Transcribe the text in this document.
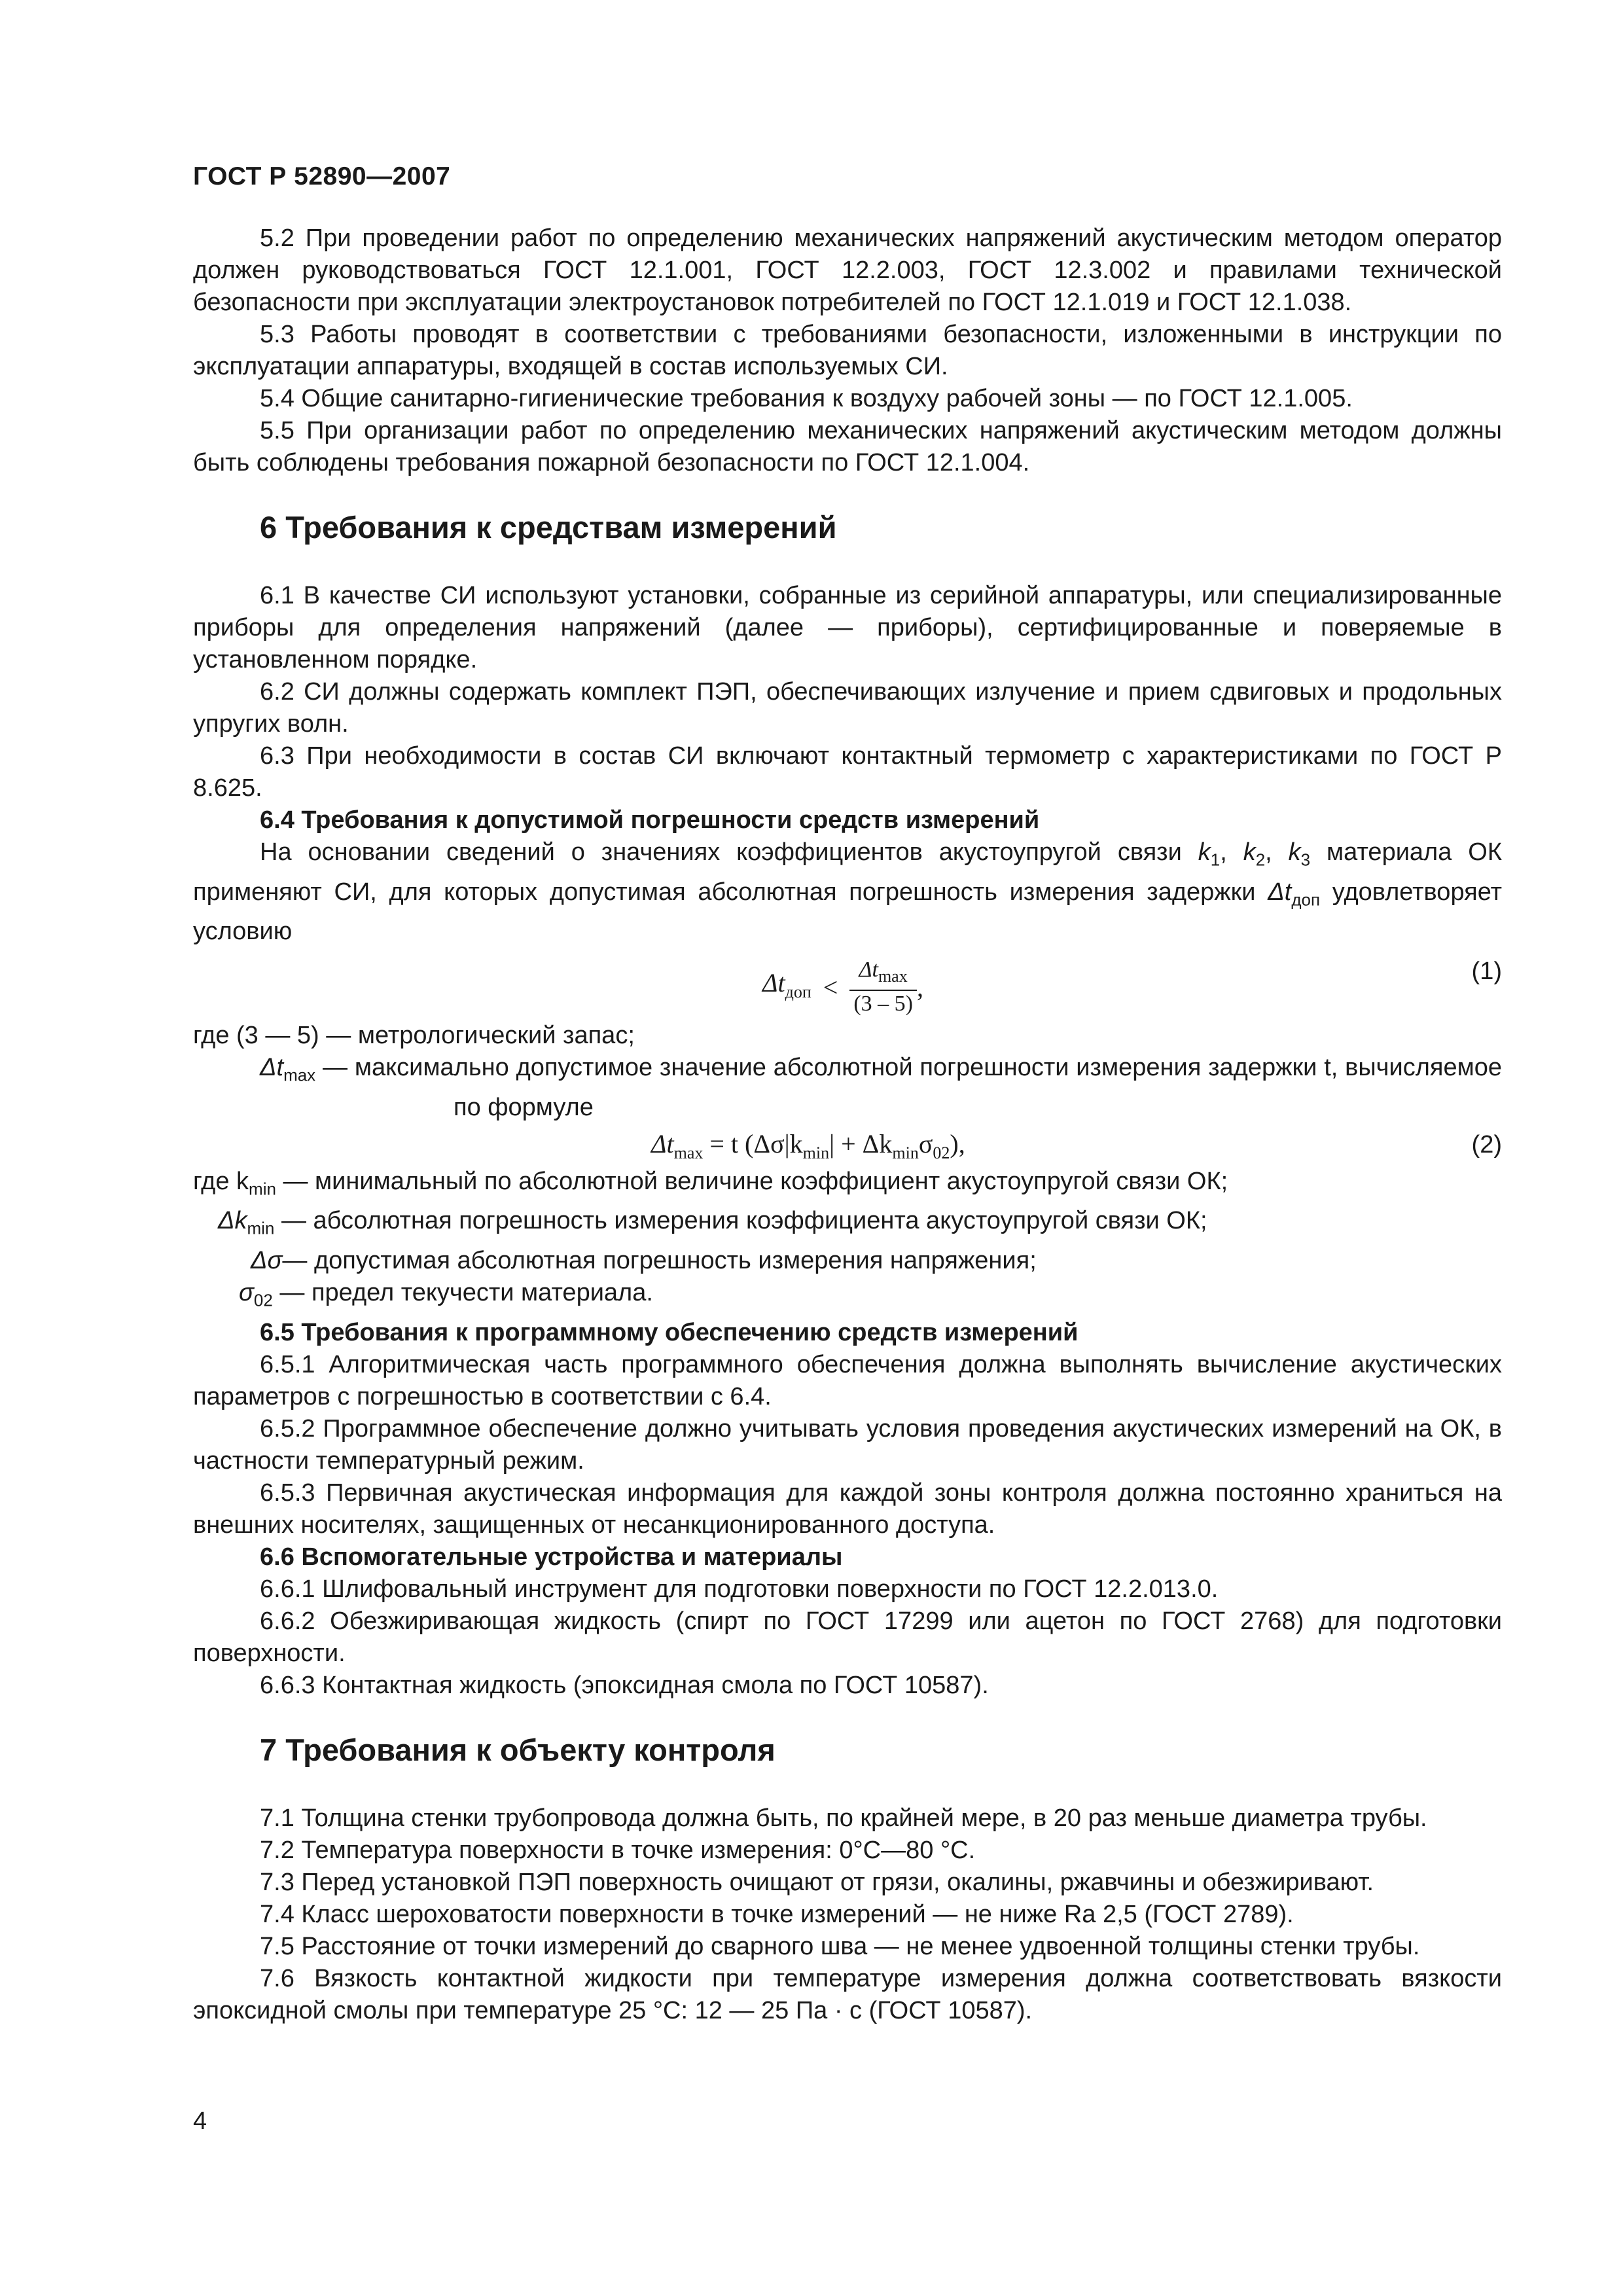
ГОСТ Р 52890—2007

5.2 При проведении работ по определению механических напряжений акустическим методом оператор должен руководствоваться ГОСТ 12.1.001, ГОСТ 12.2.003, ГОСТ 12.3.002 и правилами технической безопасности при эксплуатации электроустановок потребителей по ГОСТ 12.1.019 и ГОСТ 12.1.038.

5.3 Работы проводят в соответствии с требованиями безопасности, изложенными в инструкции по эксплуатации аппаратуры, входящей в состав используемых СИ.

5.4 Общие санитарно-гигиенические требования к воздуху рабочей зоны — по ГОСТ 12.1.005.

5.5 При организации работ по определению механических напряжений акустическим методом должны быть соблюдены требования пожарной безопасности по ГОСТ 12.1.004.

6 Требования к средствам измерений

6.1 В качестве СИ используют установки, собранные из серийной аппаратуры, или специализированные приборы для определения напряжений (далее — приборы), сертифицированные и поверяемые в установленном порядке.

6.2 СИ должны содержать комплект ПЭП, обеспечивающих излучение и прием сдвиговых и продольных упругих волн.

6.3 При необходимости в состав СИ включают контактный термометр с характеристиками по ГОСТ Р 8.625.

6.4 Требования к допустимой погрешности средств измерений

На основании сведений о значениях коэффициентов акустоупругой связи $k_1$, $k_2$, $k_3$ материала ОК применяют СИ, для которых допустимая абсолютная погрешность измерения задержки $\Delta t_{доп}$ удовлетворяет условию

$\Delta t_{доп} < \frac{\Delta t_{max}}{(3 - 5)}$ ,
(1)

где (3 — 5) — метрологический запас;

$\Delta t_{max}$ — максимально допустимое значение абсолютной погрешности измерения задержки t, вычисляемое по формуле

$\Delta t_{max} = t$ $(\Delta\sigma|k_{min}| + \Delta k_{min}\sigma_{02})$,	(2)

где $k_{min}$ — минимальный по абсолютной величине коэффициент акустоупругой связи ОК;

$\Delta k_{min}$ — абсолютная погрешность измерения коэффициента акустоупругой связи ОК;

Δσ— допустимая абсолютная погрешность измерения напряжения;

$\sigma_{02}$ — предел текучести материала.

6.5 Требования к программному обеспечению средств измерений

6.5.1 Алгоритмическая часть программного обеспечения должна выполнять вычисление акустических параметров с погрешностью в соответствии с 6.4.

6.5.2 Программное обеспечение должно учитывать условия проведения акустических измерений на ОК, в частности температурный режим.

6.5.3 Первичная акустическая информация для каждой зоны контроля должна постоянно храниться на внешних носителях, защищенных от несанкционированного доступа.

6.6 Вспомогательные устройства и материалы

6.6.1 Шлифовальный инструмент для подготовки поверхности по ГОСТ 12.2.013.0.

6.6.2 Обезжиривающая жидкость (спирт по ГОСТ 17299 или ацетон по ГОСТ 2768) для подготовки поверхности.

6.6.3 Контактная жидкость (эпоксидная смола по ГОСТ 10587).

7 Требования к объекту контроля

7.1 Толщина стенки трубопровода должна быть, по крайней мере, в 20 раз меньше диаметра трубы.

7.2 Температура поверхности в точке измерения: 0°С—80 °С.

7.3 Перед установкой ПЭП поверхность очищают от грязи, окалины, ржавчины и обезжиривают.

7.4 Класс шероховатости поверхности в точке измерений — не ниже Ra 2,5 (ГОСТ 2789).

7.5 Расстояние от точки измерений до сварного шва — не менее удвоенной толщины стенки трубы.

7.6 Вязкость контактной жидкости при температуре измерения должна соответствовать вязкости эпоксидной смолы при температуре 25 °С: 12 — 25 Па · с (ГОСТ 10587).

4
